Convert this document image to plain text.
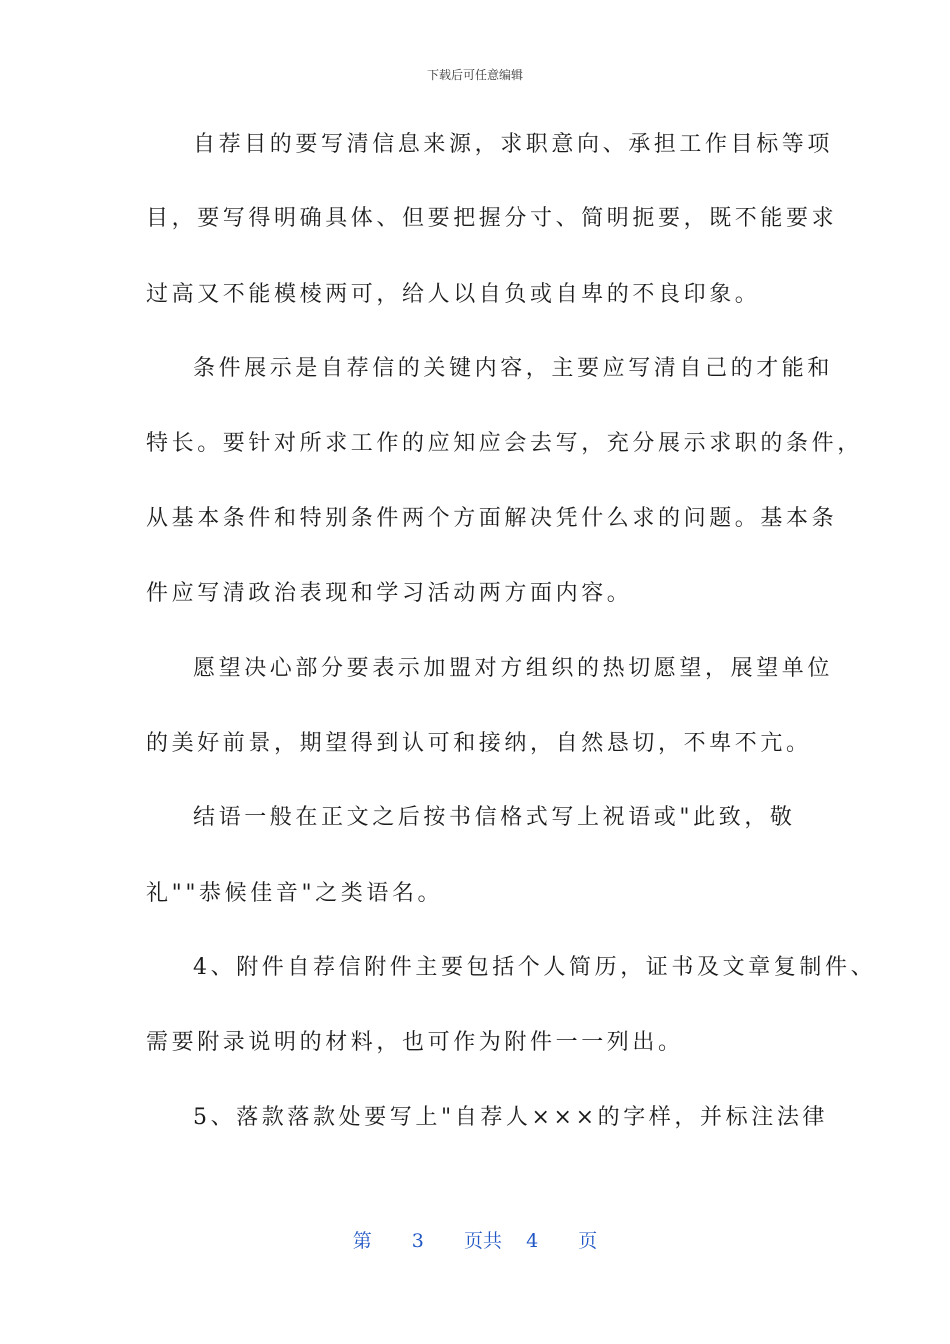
下载后可任意编辑
自荐目的要写清信息来源，求职意向、承担工作目标等项
目，要写得明确具体、但要把握分寸、简明扼要，既不能要求
过高又不能模棱两可，给人以自负或自卑的不良印象。
条件展示是自荐信的关键内容，主要应写清自己的才能和
特长。要针对所求工作的应知应会去写，充分展示求职的条件，
从基本条件和特别条件两个方面解决凭什么求的问题。基本条
件应写清政治表现和学习活动两方面内容。
愿望决心部分要表示加盟对方组织的热切愿望，展望单位
的美好前景，期望得到认可和接纳，自然恳切，不卑不亢。
结语一般在正文之后按书信格式写上祝语或"此致，敬
礼""恭候佳音"之类语名。
4、附件自荐信附件主要包括个人简历，证书及文章复制件、
需要附录说明的材料，也可作为附件一一列出。
5、落款落款处要写上"自荐人×××的字样，并标注法律
第 3 页共 4 页
